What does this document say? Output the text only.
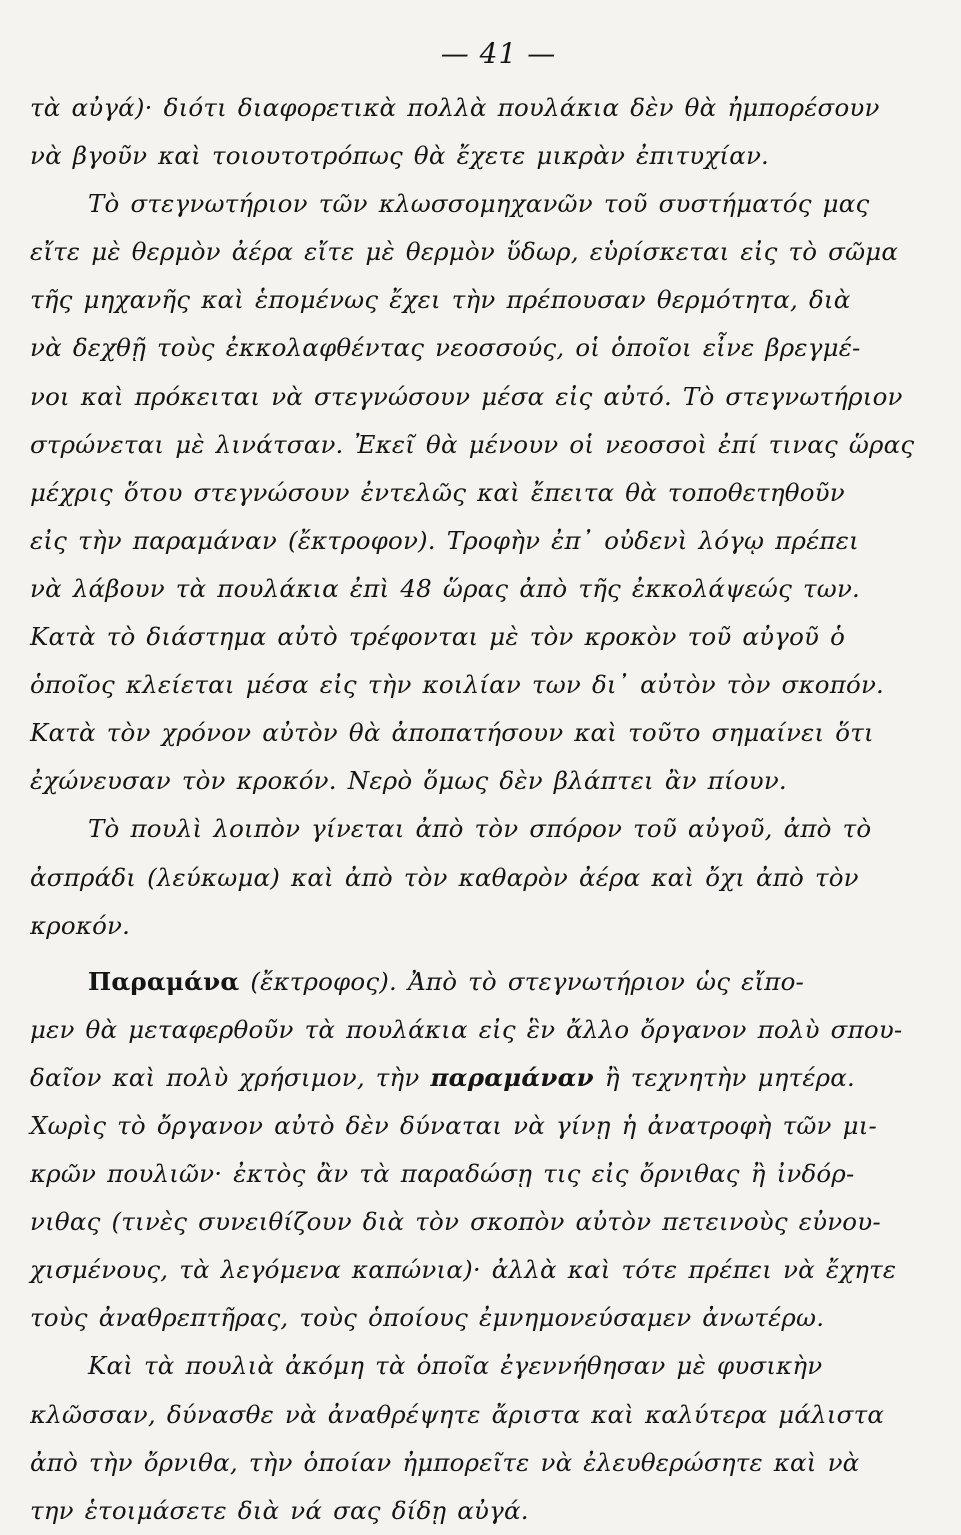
— 41 —
τὰ αὐγά)· διότι διαφορετικὰ πολλὰ πουλάκια δὲν θὰ ἠμπορέσουν
νὰ βγοῦν καὶ τοιουτοτρόπως θὰ ἔχετε μικρὰν ἐπιτυχίαν.
Τὸ στεγνωτήριον τῶν κλωσσομηχανῶν τοῦ συστήματός μας
εἴτε μὲ θερμὸν ἀέρα εἴτε μὲ θερμὸν ὕδωρ, εὑρίσκεται εἰς τὸ σῶμα
τῆς μηχανῆς καὶ ἑπομένως ἔχει τὴν πρέπουσαν θερμότητα, διὰ
νὰ δεχθῇ τοὺς ἐκκολαφθέντας νεοσσούς, οἱ ὁποῖοι εἶνε βρεγμέ-
νοι καὶ πρόκειται νὰ στεγνώσουν μέσα εἰς αὐτό. Τὸ στεγνωτήριον
στρώνεται μὲ λινάτσαν. Ἐκεῖ θὰ μένουν οἱ νεοσσοὶ ἐπί τινας ὥρας
μέχρις ὅτου στεγνώσουν ἐντελῶς καὶ ἔπειτα θὰ τοποθετηθοῦν
εἰς τὴν παραμάναν (ἔκτροφον). Τροφὴν ἐπ᾽ οὐδενὶ λόγῳ πρέπει
νὰ λάβουν τὰ πουλάκια ἐπὶ 48 ὥρας ἀπὸ τῆς ἐκκολάψεώς των.
Κατὰ τὸ διάστημα αὐτὸ τρέφονται μὲ τὸν κροκὸν τοῦ αὐγοῦ ὁ
ὁποῖος κλείεται μέσα εἰς τὴν κοιλίαν των δι᾽ αὐτὸν τὸν σκοπόν.
Κατὰ τὸν χρόνον αὐτὸν θὰ ἀποπατήσουν καὶ τοῦτο σημαίνει ὅτι
ἐχώνευσαν τὸν κροκόν. Νερὸ ὅμως δὲν βλάπτει ἂν πίουν.
Τὸ πουλὶ λοιπὸν γίνεται ἀπὸ τὸν σπόρον τοῦ αὐγοῦ, ἀπὸ τὸ
ἀσπράδι (λεύκωμα) καὶ ἀπὸ τὸν καθαρὸν ἀέρα καὶ ὄχι ἀπὸ τὸν
κροκόν.
Παραμάνα (ἔκτροφος). Ἀπὸ τὸ στεγνωτήριον ὡς εἴπο-
μεν θὰ μεταφερθοῦν τὰ πουλάκια εἰς ἓν ἄλλο ὄργανον πολὺ σπου-
δαῖον καὶ πολὺ χρήσιμον, τὴν παραμάναν ἢ τεχνητὴν μητέρα.
Χωρὶς τὸ ὄργανον αὐτὸ δὲν δύναται νὰ γίνῃ ἡ ἀνατροφὴ τῶν μι-
κρῶν πουλιῶν· ἐκτὸς ἂν τὰ παραδώσῃ τις εἰς ὄρνιθας ἢ ἰνδόρ-
νιθας (τινὲς συνειθίζουν διὰ τὸν σκοπὸν αὐτὸν πετεινοὺς εὐνου-
χισμένους, τὰ λεγόμενα καπώνια)· ἀλλὰ καὶ τότε πρέπει νὰ ἔχητε
τοὺς ἀναθρεπτῆρας, τοὺς ὁποίους ἐμνημονεύσαμεν ἀνωτέρω.
Καὶ τὰ πουλιὰ ἀκόμη τὰ ὁποῖα ἐγεννήθησαν μὲ φυσικὴν
κλῶσσαν, δύνασθε νὰ ἀναθρέψητε ἄριστα καὶ καλύτερα μάλιστα
ἀπὸ τὴν ὄρνιθα, τὴν ὁποίαν ἠμπορεῖτε νὰ ἐλευθερώσητε καὶ νὰ
την ἑτοιμάσετε διὰ νά σας δίδῃ αὐγά.
